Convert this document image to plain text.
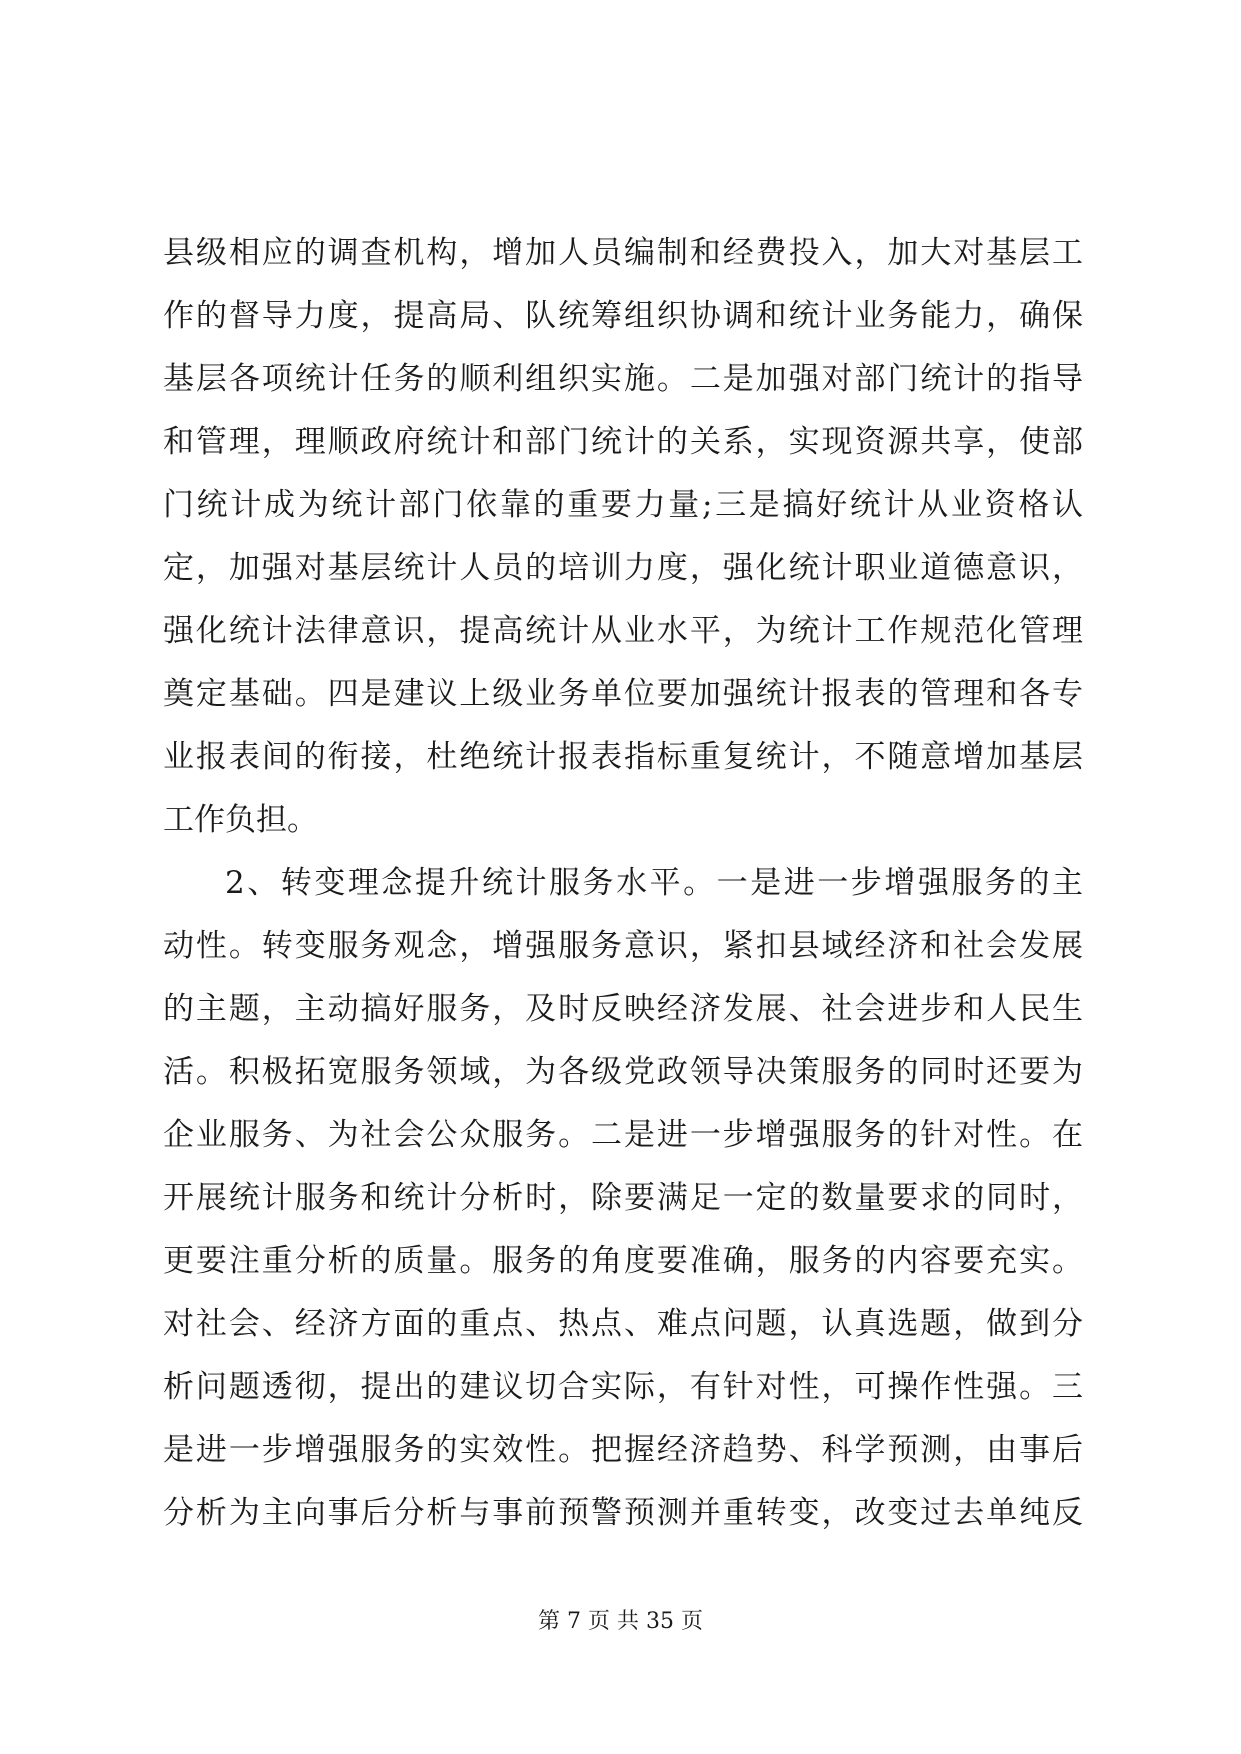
县级相应的调查机构，增加人员编制和经费投入，加大对基层工
作的督导力度，提高局、队统筹组织协调和统计业务能力，确保
基层各项统计任务的顺利组织实施。二是加强对部门统计的指导
和管理，理顺政府统计和部门统计的关系，实现资源共享，使部
门统计成为统计部门依靠的重要力量;三是搞好统计从业资格认
定，加强对基层统计人员的培训力度，强化统计职业道德意识，
强化统计法律意识，提高统计从业水平，为统计工作规范化管理
奠定基础。四是建议上级业务单位要加强统计报表的管理和各专
业报表间的衔接，杜绝统计报表指标重复统计，不随意增加基层
工作负担。
2、转变理念提升统计服务水平。一是进一步增强服务的主
动性。转变服务观念，增强服务意识，紧扣县域经济和社会发展
的主题，主动搞好服务，及时反映经济发展、社会进步和人民生
活。积极拓宽服务领域，为各级党政领导决策服务的同时还要为
企业服务、为社会公众服务。二是进一步增强服务的针对性。在
开展统计服务和统计分析时，除要满足一定的数量要求的同时，
更要注重分析的质量。服务的角度要准确，服务的内容要充实。
对社会、经济方面的重点、热点、难点问题，认真选题，做到分
析问题透彻，提出的建议切合实际，有针对性，可操作性强。三
是进一步增强服务的实效性。把握经济趋势、科学预测，由事后
分析为主向事后分析与事前预警预测并重转变，改变过去单纯反
第 7 页 共 35 页
